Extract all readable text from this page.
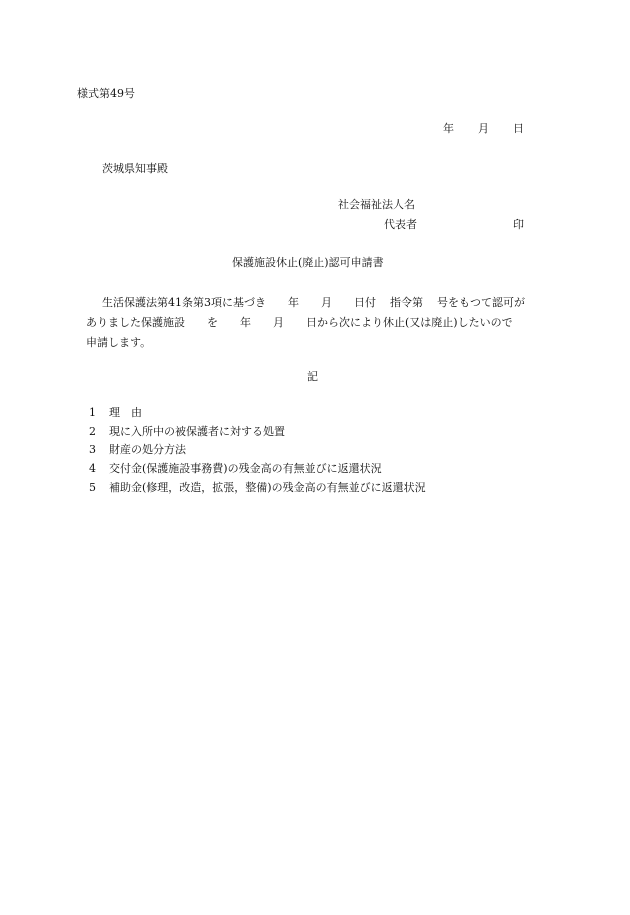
様式第49号
年 月 日
茨城県知事殿
社会福祉法人名
代表者	印
保護施設休止(廃止)認可申請書
生活保護法第41条第3項に基づき 年 月 日付 指令第 号をもつて認可が
ありました保護施設 を 年 月 日から次により休止(又は廃止)したいので
申請します。
記
1	理　由
2	現に入所中の被保護者に対する処置
3	財産の処分方法
4	交付金(保護施設事務費)の残金高の有無並びに返還状況
5	補助金(修理，改造，拡張，整備)の残金高の有無並びに返還状況
